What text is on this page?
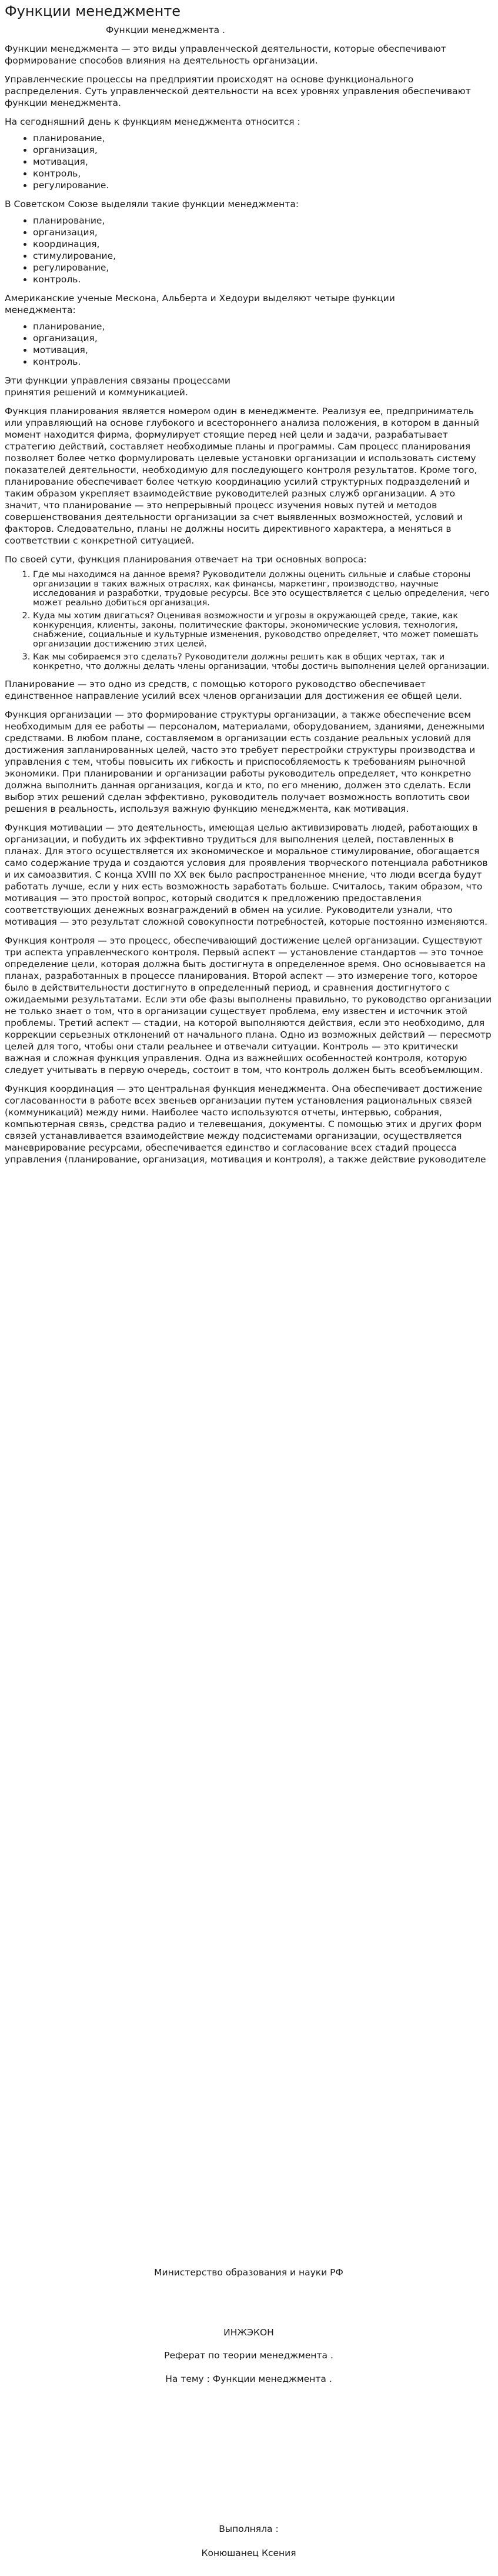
Функции менеджменте
Функции менеджмента .

Функции менеджмента — это виды управленческой деятельности, которые обеспечивают формирование способов влияния на деятельность организации.

Управленческие процессы на предприятии происходят на основе функционального распределения. Суть управленческой деятельности на всех уровнях управления обеспечивают функции менеджмента.

На сегодняшний день к функциям менеджмента относится :

• планирование,
• организация,
• мотивация,
• контроль,
• регулирование.

В Советском Союзе выделяли такие функции менеджмента:

• планирование,
• организация,
• координация,
• стимулирование,
• регулирование,
• контроль.

Американские ученые Мескона, Альберта и Хедоури выделяют четыре функции менеджмента:

• планирование,
• организация,
• мотивация,
• контроль.

Эти функции управления связаны процессами принятия решений и коммуникацией.

Функция планирования является номером один в менеджменте. Реализуя ее, предприниматель или управляющий на основе глубокого и всестороннего анализа положения, в котором в данный момент находится фирма, формулирует стоящие перед ней цели и задачи, разрабатывает стратегию действий, составляет необходимые планы и программы. Сам процесс планирования позволяет более четко формулировать целевые установки организации и использовать систему показателей деятельности, необходимую для последующего контроля результатов. Кроме того, планирование обеспечивает более четкую координацию усилий структурных подразделений и таким образом укрепляет взаимодействие руководителей разных служб организации. А это значит, что планирование — это непрерывный процесс изучения новых путей и методов совершенствования деятельности организации за счет выявленных возможностей, условий и факторов. Следовательно, планы не должны носить директивного характера, а меняться в соответствии с конкретной ситуацией.

По своей сути, функция планирования отвечает на три основных вопроса:

1. Где мы находимся на данное время? Руководители должны оценить сильные и слабые стороны организации в таких важных отраслях, как финансы, маркетинг, производство, научные исследования и разработки, трудовые ресурсы. Все это осуществляется с целью определения, чего может реально добиться организация.
2. Куда мы хотим двигаться? Оценивая возможности и угрозы в окружающей среде, такие, как конкуренция, клиенты, законы, политические факторы, экономические условия, технология, снабжение, социальные и культурные изменения, руководство определяет, что может помешать организации достижению этих целей.
3. Как мы собираемся это сделать? Руководители должны решить как в общих чертах, так и конкретно, что должны делать члены организации, чтобы достичь выполнения целей организации.

Планирование — это одно из средств, с помощью которого руководство обеспечивает единственное направление усилий всех членов организации для достижения ее общей цели.

Функция организации — это формирование структуры организации, а также обеспечение всем необходимым для ее работы — персоналом, материалами, оборудованием, зданиями, денежными средствами. В любом плане, составляемом в организации есть создание реальных условий для достижения запланированных целей, часто это требует перестройки структуры производства и управления с тем, чтобы повысить их гибкость и приспособляемость к требованиям рыночной экономики. При планировании и организации работы руководитель определяет, что конкретно должна выполнить данная организация, когда и кто, по его мнению, должен это сделать. Если выбор этих решений сделан эффективно, руководитель получает возможность воплотить свои решения в реальность, используя важную функцию менеджмента, как мотивация.

Функция мотивации — это деятельность, имеющая целью активизировать людей, работающих в организации, и побудить их эффективно трудиться для выполнения целей, поставленных в планах. Для этого осуществляется их экономическое и моральное стимулирование, обогащается само содержание труда и создаются условия для проявления творческого потенциала работников и их самоазвития. С конца XVIII по XX век было распространенное мнение, что люди всегда будут работать лучше, если у них есть возможность заработать больше. Считалось, таким образом, что мотивация — это простой вопрос, который сводится к предложению предоставления соответствующих денежных вознаграждений в обмен на усилие. Руководители узнали, что мотивация — это результат сложной совокупности потребностей, которые постоянно изменяются.

Функция контроля — это процесс, обеспечивающий достижение целей организации. Существуют три аспекта управленческого контроля. Первый аспект — установление стандартов — это точное определение цели, которая должна быть достигнута в определенное время. Оно основывается на планах, разработанных в процессе планирования. Второй аспект — это измерение того, которое было в действительности достигнуто в определенный период, и сравнения достигнутого с ожидаемыми результатами. Если эти обе фазы выполнены правильно, то руководство организации не только знает о том, что в организации существует проблема, ему известен и источник этой проблемы. Третий аспект — стадии, на которой выполняются действия, если это необходимо, для коррекции серьезных отклонений от начального плана. Одно из возможных действий — пересмотр целей для того, чтобы они стали реальнее и отвечали ситуации. Контроль — это критически важная и сложная функция управления. Одна из важнейших особенностей контроля, которую следует учитывать в первую очередь, состоит в том, что контроль должен быть всеобъемлющим.

Функция координация — это центральная функция менеджмента. Она обеспечивает достижение согласованности в работе всех звеньев организации путем установления рациональных связей (коммуникаций) между ними. Наиболее часто используются отчеты, интервью, собрания, компьютерная связь, средства радио и телевещания, документы. С помощью этих и других форм связей устанавливается взаимодействие между подсистемами организации, осуществляется маневрирование ресурсами, обеспечивается единство и согласование всех стадий процесса управления (планирование, организация, мотивация и контроля), а также действие руководителе

Министерство образования и науки РФ
ИНЖЭКОН
Реферат по теории менеджмента .
На тему : Функции менеджмента .
Выполняла :
Конюшанец Ксения
